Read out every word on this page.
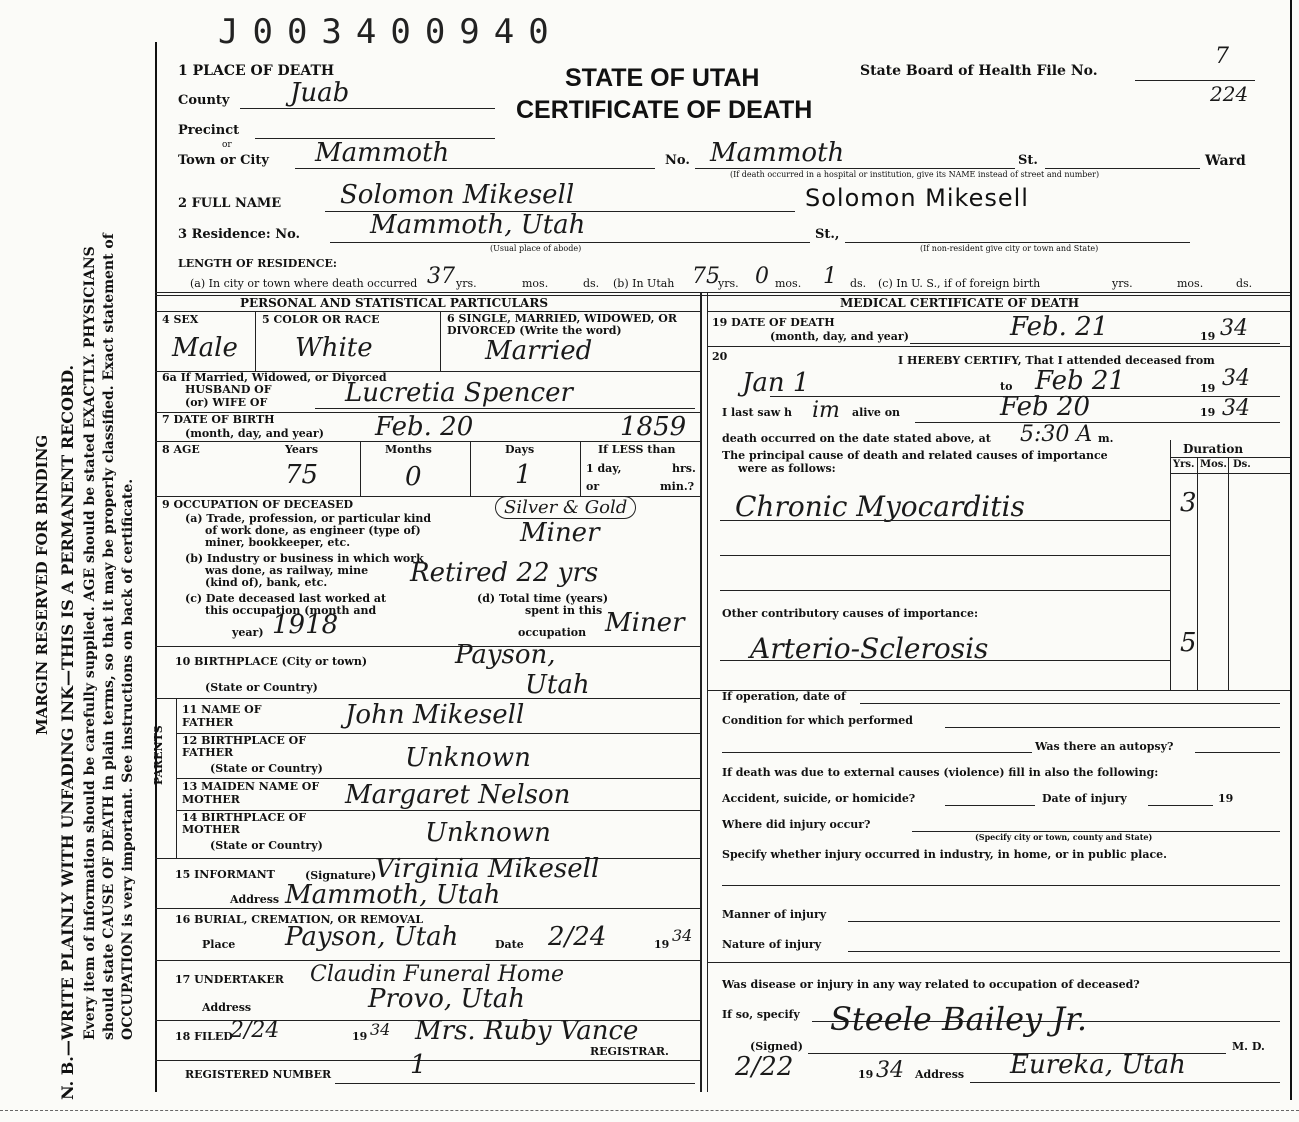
J003400940
MARGIN RESERVED FOR BINDING N. B.—WRITE PLAINLY WITH UNFADING INK—THIS IS A PERMANENT RECORD. Every item of information should be carefully supplied. AGE should be stated EXACTLY. PHYSICIANS should state CAUSE OF DEATH in plain terms, so that it may be properly classified. Exact statement of OCCUPATION is very important. See instructions on back of certificate.
1 PLACE OF DEATH	STATE OF UTAH
CERTIFICATE OF DEATH
State Board of Health File No.
7
224
County Juab
Precinct
or
Town or City Mammoth	No. Mammoth	St.	Ward
(If death occurred in a hospital or institution, give its NAME instead of street and number)
2 FULL NAME Solomon Mikesell	Solomon Mikesell
3 Residence: No.	Mammoth, Utah	St.,
(Usual place of abode)	(If non-resident give city or town and State)
LENGTH OF RESIDENCE:
(a) In city or town where death occurred 37 yrs.	mos.	ds. (b) In Utah 75
yrs. 0 mos. 1 ds. (c) In U. S., if of foreign birth	yrs.	mos.	ds.
PERSONAL AND STATISTICAL PARTICULARS
4 SEX
Male
5 COLOR OR RACE
White
6 SINGLE, MARRIED, WIDOWED, OR DIVORCED (Write the word)
Married
6a If Married, Widowed, or Divorced
HUSBAND OF
(or) WIFE OF	Lucretia Spencer
7 DATE OF BIRTH
(month, day, and year) Feb. 20	1859
8 AGE	Years	Months	Days	If LESS than
1 day,	hrs.
or	min.?
75	0	1
9 OCCUPATION OF DECEASED
(a) Trade, profession, or particular kind
of work done, as engineer (type of)
miner, bookkeeper, etc.
Silver & Gold
Miner
(b) Industry or business in which work
was done, as railway, mine
(kind of), bank, etc.	Retired 22 yrs
(c) Date deceased last worked at
this occupation (month and
year) 1918
(d) Total time (years)
spent in this
occupation Miner
10 BIRTHPLACE (City or town)	Payson,
(State or Country)	Utah
PARENTS
11 NAME OF FATHER	John Mikesell
12 BIRTHPLACE OF FATHER
(State or Country)	Unknown
13 MAIDEN NAME OF MOTHER	Margaret Nelson
14 BIRTHPLACE OF MOTHER
(State or Country)	Unknown
15 INFORMANT	(Signature)
Virginia Mikesell
Address Mammoth, Utah
16 BURIAL, CREMATION, OR REMOVAL
Place Payson, Utah	Date 2/24	19 34
17 UNDERTAKER Claudin Funeral Home
Address	Provo, Utah
18 FILED
2/24	19 34 Mrs. Ruby Vance
REGISTRAR.
REGISTERED NUMBER	1
MEDICAL CERTIFICATE OF DEATH
19 DATE OF DEATH
(month, day, and year)	Feb. 21	19 34
20	I HEREBY CERTIFY, That I attended deceased from
Jan 1	to Feb 21	19 34
I last saw h im alive on	Feb 20	19 34
death occurred on the date stated above, at 5:30 A m.
The principal cause of death and related causes of importance
were as follows:
Duration
Yrs. Mos. Ds.
Chronic Myocarditis	3
Other contributory causes of importance:
Arterio-Sclerosis	5
If operation, date of
Condition for which performed
Was there an autopsy?
If death was due to external causes (violence) fill in also the following:
Accident, suicide, or homicide?	Date of injury	19
Where did injury occur?
(Specify city or town, county and State)
Specify whether injury occurred in industry, in home, or in public place.
Manner of injury
Nature of injury
Was disease or injury in any way related to occupation of deceased?
If so, specify Steele Bailey Jr.
(Signed)	M. D.
2/22	19 34 Address Eureka, Utah
